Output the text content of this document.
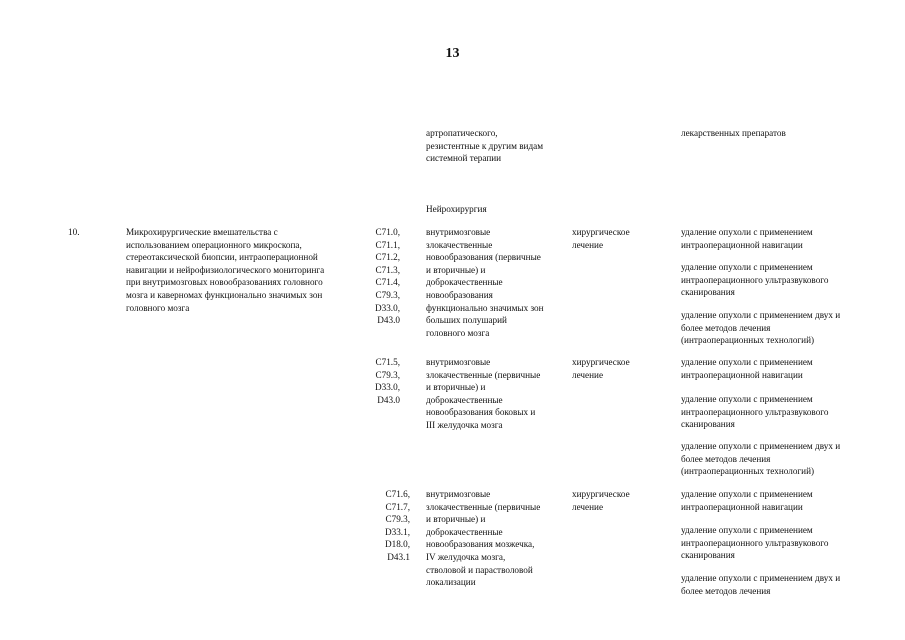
13
артропатического,
резистентные к другим видам
системной терапии
лекарственных препаратов
Нейрохирургия
10.	Микрохирургические вмешательства с
использованием операционного микроскопа,
стереотаксической биопсии, интраоперационной
навигации и нейрофизиологического мониторинга
при внутримозговых новообразованиях головного
мозга и каверномах функционально значимых зон
головного мозга
C71.0,
C71.1,
C71.2,
C71.3,
C71.4,
C79.3,
D33.0,
D43.0
внутримозговые
злокачественные
новообразования (первичные
и вторичные) и
доброкачественные
новообразования
функционально значимых зон
больших полушарий
головного мозга
хирургическое
лечение
удаление опухоли с применением
интраоперационной навигации
удаление опухоли с применением
интраоперационного ультразвукового
сканирования
удаление опухоли с применением двух и
более методов лечения
(интраоперационных технологий)
C71.5,
C79.3,
D33.0,
D43.0
внутримозговые
злокачественные (первичные
и вторичные) и
доброкачественные
новообразования боковых и
III желудочка мозга
хирургическое
лечение
удаление опухоли с применением
интраоперационной навигации
удаление опухоли с применением
интраоперационного ультразвукового
сканирования
удаление опухоли с применением двух и
более методов лечения
(интраоперационных технологий)
C71.6,
C71.7,
C79.3,
D33.1,
D18.0,
D43.1
внутримозговые
злокачественные (первичные
и вторичные) и
доброкачественные
новообразования мозжечка,
IV желудочка мозга,
стволовой и парастволовой
локализации
хирургическое
лечение
удаление опухоли с применением
интраоперационной навигации
удаление опухоли с применением
интраоперационного ультразвукового
сканирования
удаление опухоли с применением двух и
более методов лечения
